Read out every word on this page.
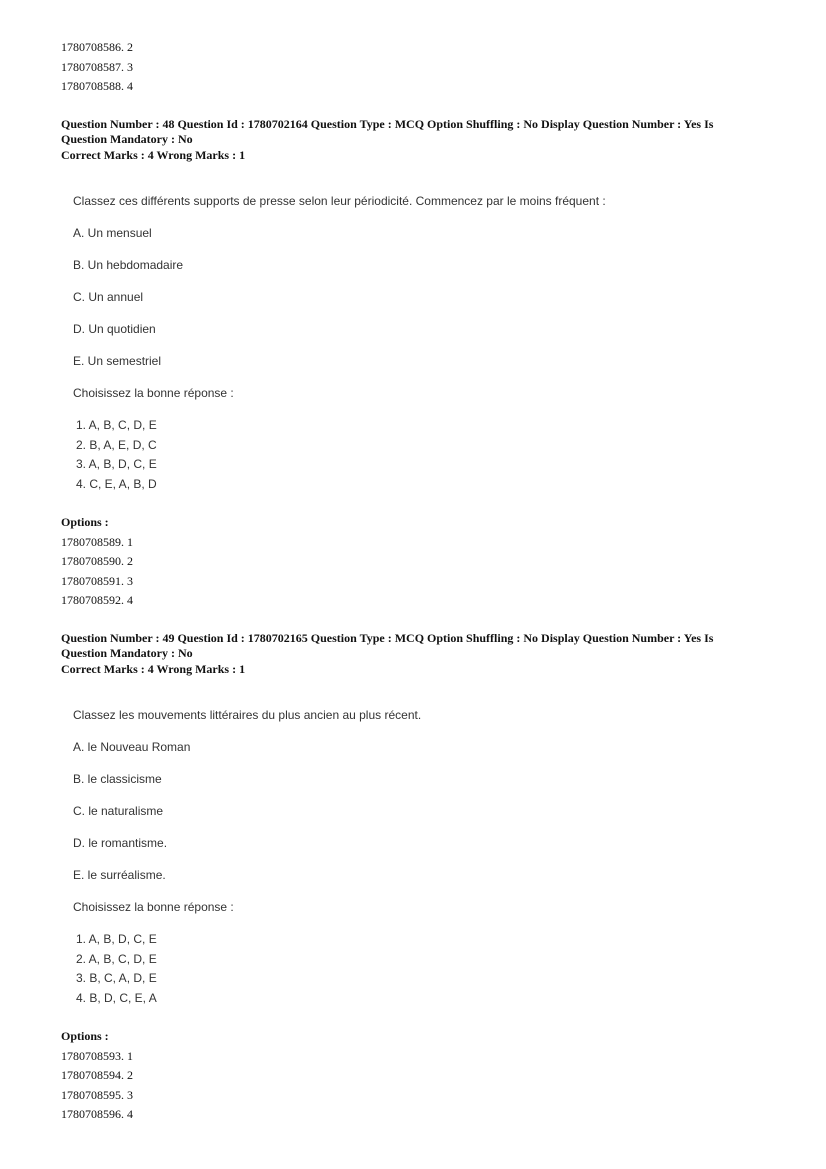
1780708586. 2
1780708587. 3
1780708588. 4
Question Number : 48 Question Id : 1780702164 Question Type : MCQ Option Shuffling : No Display Question Number : Yes Is
Question Mandatory : No
Correct Marks : 4 Wrong Marks : 1
Classez ces différents supports de presse selon leur périodicité. Commencez par le moins fréquent :
A. Un mensuel
B. Un hebdomadaire
C. Un annuel
D. Un quotidien
E. Un semestriel
Choisissez la bonne réponse :
1. A, B, C, D, E
2. B, A, E, D, C
3. A, B, D, C, E
4. C, E, A, B, D
Options :
1780708589. 1
1780708590. 2
1780708591. 3
1780708592. 4
Question Number : 49 Question Id : 1780702165 Question Type : MCQ Option Shuffling : No Display Question Number : Yes Is
Question Mandatory : No
Correct Marks : 4 Wrong Marks : 1
Classez les mouvements littéraires du plus ancien au plus récent.
A. le Nouveau Roman
B. le classicisme
C. le naturalisme
D. le romantisme.
E. le surréalisme.
Choisissez la bonne réponse :
1. A, B, D, C, E
2. A, B, C, D, E
3. B, C, A, D, E
4. B, D, C, E, A
Options :
1780708593. 1
1780708594. 2
1780708595. 3
1780708596. 4
